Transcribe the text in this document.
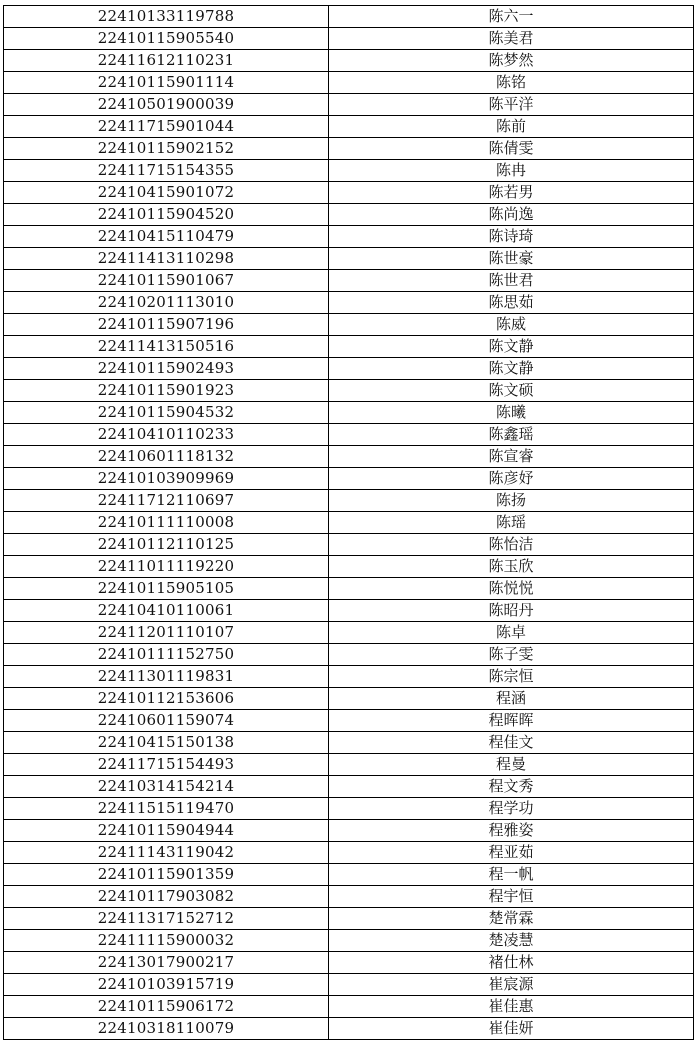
22410133119788	陈六一
22410115905540	陈美君
22411612110231	陈梦然
22410115901114	陈铭
22410501900039	陈平洋
22411715901044	陈前
22410115902152	陈倩雯
22411715154355	陈冉
22410415901072	陈若男
22410115904520	陈尚逸
22410415110479	陈诗琦
22411413110298	陈世豪
22410115901067	陈世君
22410201113010	陈思茹
22410115907196	陈威
22411413150516	陈文静
22410115902493	陈文静
22410115901923	陈文硕
22410115904532	陈曦
22410410110233	陈鑫瑶
22410601118132	陈宣睿
22410103909969	陈彦妤
22411712110697	陈扬
22410111110008	陈瑶
22410112110125	陈怡洁
22411011119220	陈玉欣
22410115905105	陈悦悦
22410410110061	陈昭丹
22411201110107	陈卓
22410111152750	陈子雯
22411301119831	陈宗恒
22410112153606	程涵
22410601159074	程晖晖
22410415150138	程佳文
22411715154493	程曼
22410314154214	程文秀
22411515119470	程学功
22410115904944	程雅姿
22411143119042	程亚茹
22410115901359	程一帆
22410117903082	程宇恒
22411317152712	楚常霖
22411115900032	楚凌慧
22413017900217	褚仕林
22410103915719	崔宸源
22410115906172	崔佳惠
22410318110079	崔佳妍
